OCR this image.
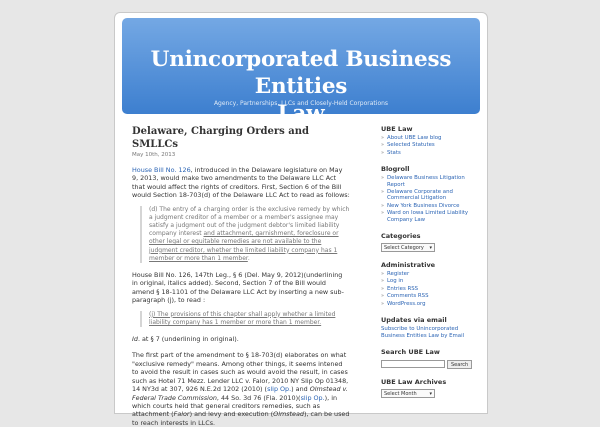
Unincorporated Business Entities
Law
Agency, Partnerships, LLCs and Closely-Held Corporations
Delaware, Charging Orders and SMLLCs
May 10th, 2013
House Bill No. 126, introduced in the Delaware legislature on May 9, 2013, would make two amendments to the Delaware LLC Act that would affect the rights of creditors. First, Section 6 of the Bill would Section 18-703(d) of the Delaware LLC Act to read as follows:
(d) The entry of a charging order is the exclusive remedy by which a judgment creditor of a member or a member's assignee may satisfy a judgment out of the judgment debtor's limited liability company interest and attachment, garnishment, foreclosure or other legal or equitable remedies are not available to the judgment creditor, whether the limited liability company has 1 member or more than 1 member.
House Bill No. 126, 147th Leg., § 6 (Del. May 9, 2012)(underlining in original, italics added). Second, Section 7 of the Bill would amend § 18-1101 of the Delaware LLC Act by inserting a new sub-paragraph (j), to read :
(j) The provisions of this chapter shall apply whether a limited liability company has 1 member or more than 1 member.
Id. at § 7 (underlining in original).
The first part of the amendment to § 18-703(d) elaborates on what "exclusive remedy" means. Among other things, it seems intened to avoid the result in cases such as would avoid the result, in cases such as Hotel 71 Mezz. Lender LLC v. Falor, 2010 NY Slip Op 01348, 14 NY3d at 307, 926 N.E.2d 1202 (2010) (slip Op.) and Olmstead v. Federal Trade Commission, 44 So. 3d 76 (Fla. 2010)(slip Op.), in which courts held that general creditors remedies, such as attachment (Falor) and levy and execution (Olmstead), can be used to reach interests in LLCs.
UBE Law
» About UBE Law blog
» Selected Statutes
» Stats
Blogroll
» Delaware Business Litigation Report
» Delaware Corporate and Commercial Litigation
» New York Business Divorce
» Ward on Iowa Limited Liability Company Law
Categories
Select Category ▾
Administrative
» Register
» Log in
» Entries RSS
» Comments RSS
» WordPress.org
Updates via email
Subscribe to Unincorporated Business Entities Law by Email
Search UBE Law
Search
UBE Law Archives
Select Month	▾
